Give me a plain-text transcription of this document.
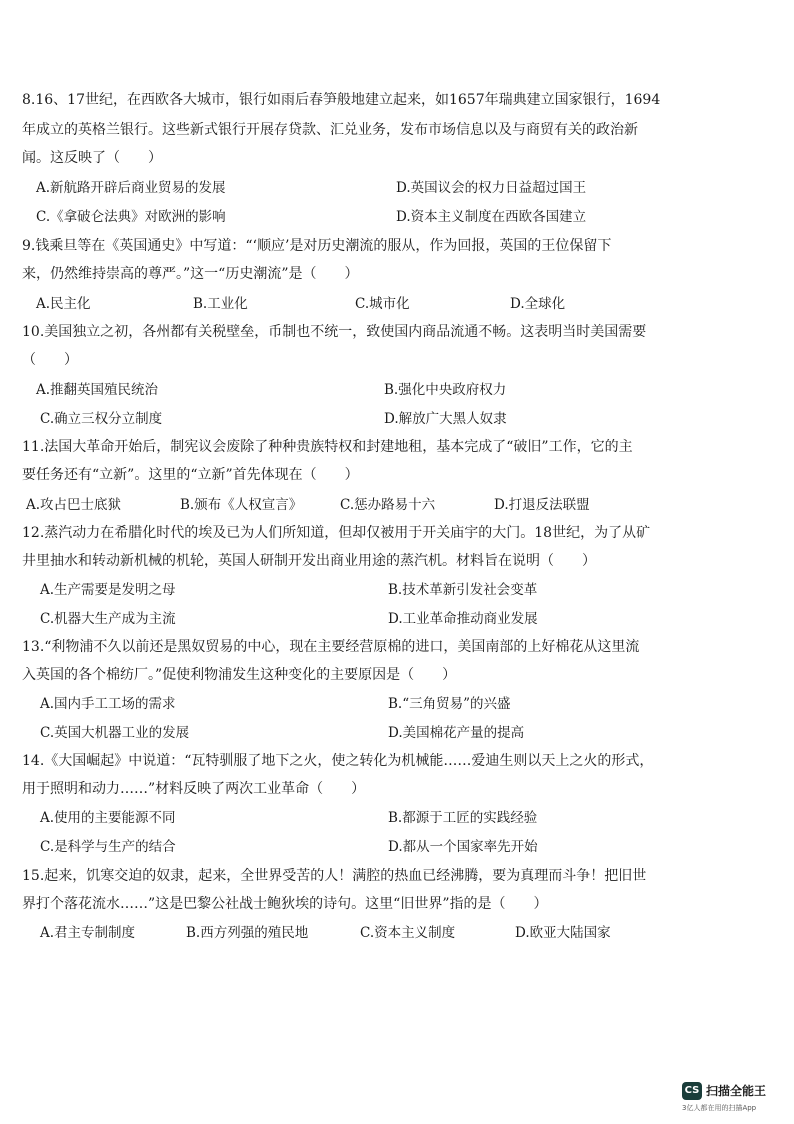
8.16、17世纪，在西欧各大城市，银行如雨后春笋般地建立起来，如1657年瑞典建立国家银行，1694
年成立的英格兰银行。这些新式银行开展存贷款、汇兑业务，发布市场信息以及与商贸有关的政治新
闻。这反映了（　　）
A.新航路开辟后商业贸易的发展	D.英国议会的权力日益超过国王
C.《拿破仑法典》对欧洲的影响	D.资本主义制度在西欧各国建立
9.钱乘旦等在《英国通史》中写道：“‘顺应’是对历史潮流的服从，作为回报，英国的王位保留下
来，仍然维持崇高的尊严。”这一“历史潮流”是（　　）
A.民主化	B.工业化	C.城市化	D.全球化
10.美国独立之初，各州都有关税壁垒，币制也不统一，致使国内商品流通不畅。这表明当时美国需要
（　　）
A.推翻英国殖民统治	B.强化中央政府权力
C.确立三权分立制度	D.解放广大黑人奴隶
11.法国大革命开始后，制宪议会废除了种种贵族特权和封建地租，基本完成了“破旧”工作，它的主
要任务还有“立新”。这里的“立新”首先体现在（　　）
A.攻占巴士底狱	B.颁布《人权宣言》	C.惩办路易十六	D.打退反法联盟
12.蒸汽动力在希腊化时代的埃及已为人们所知道，但却仅被用于开关庙宇的大门。18世纪，为了从矿
井里抽水和转动新机械的机轮，英国人研制开发出商业用途的蒸汽机。材料旨在说明（　　）
A.生产需要是发明之母	B.技术革新引发社会变革
C.机器大生产成为主流	D.工业革命推动商业发展
13.“利物浦不久以前还是黑奴贸易的中心，现在主要经营原棉的进口，美国南部的上好棉花从这里流
入英国的各个棉纺厂。”促使利物浦发生这种变化的主要原因是（　　）
A.国内手工工场的需求	B.“三角贸易”的兴盛
C.英国大机器工业的发展	D.美国棉花产量的提高
14.《大国崛起》中说道：“瓦特驯服了地下之火，使之转化为机械能……爱迪生则以天上之火的形式，
用于照明和动力……”材料反映了两次工业革命（　　）
A.使用的主要能源不同	B.都源于工匠的实践经验
C.是科学与生产的结合	D.都从一个国家率先开始
15.起来，饥寒交迫的奴隶，起来，全世界受苦的人！满腔的热血已经沸腾，要为真理而斗争！把旧世
界打个落花流水……”这是巴黎公社战士鲍狄埃的诗句。这里“旧世界”指的是（　　）
A.君主专制制度	B.西方列强的殖民地	C.资本主义制度	D.欧亚大陆国家
CS 扫描全能王
3亿人都在用的扫描App
